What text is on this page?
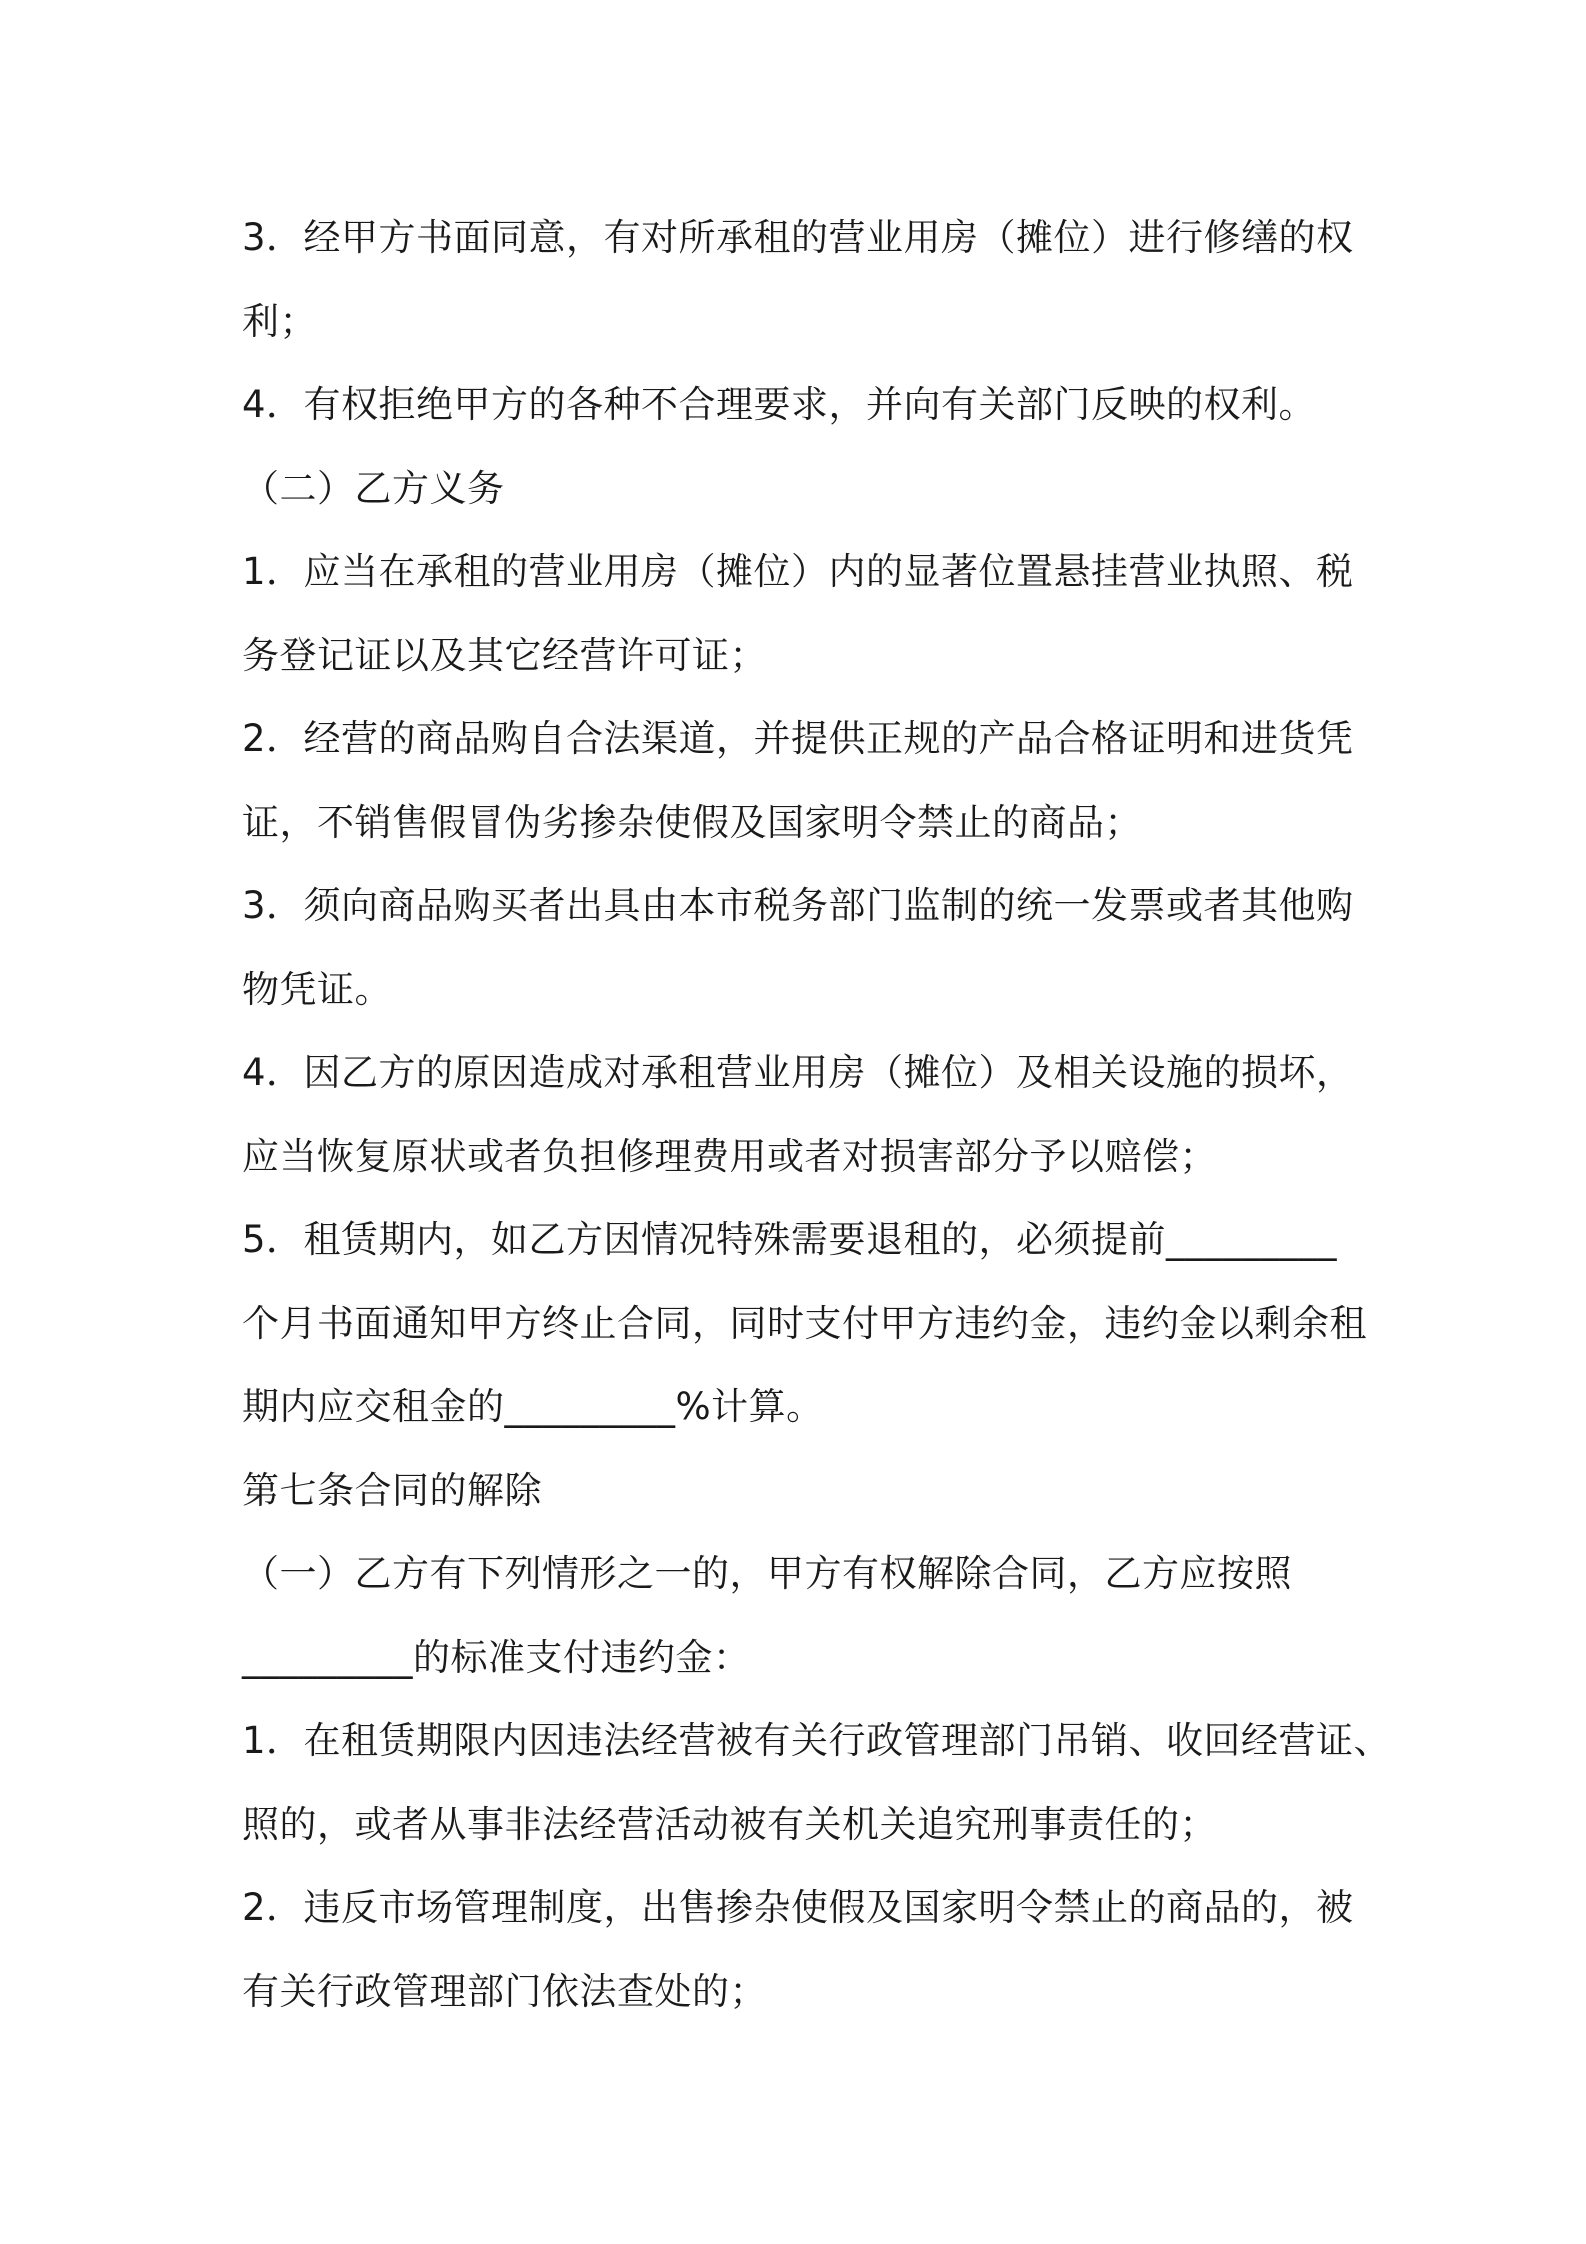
3．经甲方书面同意，有对所承租的营业用房（摊位）进行修缮的权
利；
4．有权拒绝甲方的各种不合理要求，并向有关部门反映的权利。
（二）乙方义务
1．应当在承租的营业用房（摊位）内的显著位置悬挂营业执照、税
务登记证以及其它经营许可证；
2．经营的商品购自合法渠道，并提供正规的产品合格证明和进货凭
证，不销售假冒伪劣掺杂使假及国家明令禁止的商品；
3．须向商品购买者出具由本市税务部门监制的统一发票或者其他购
物凭证。
4．因乙方的原因造成对承租营业用房（摊位）及相关设施的损坏，
应当恢复原状或者负担修理费用或者对损害部分予以赔偿；
5．租赁期内，如乙方因情况特殊需要退租的，必须提前_________
个月书面通知甲方终止合同，同时支付甲方违约金，违约金以剩余租
期内应交租金的_________%计算。
第七条合同的解除
（一）乙方有下列情形之一的，甲方有权解除合同，乙方应按照
_________的标准支付违约金：
1．在租赁期限内因违法经营被有关行政管理部门吊销、收回经营证、
照的，或者从事非法经营活动被有关机关追究刑事责任的；
2．违反市场管理制度，出售掺杂使假及国家明令禁止的商品的，被
有关行政管理部门依法查处的；
